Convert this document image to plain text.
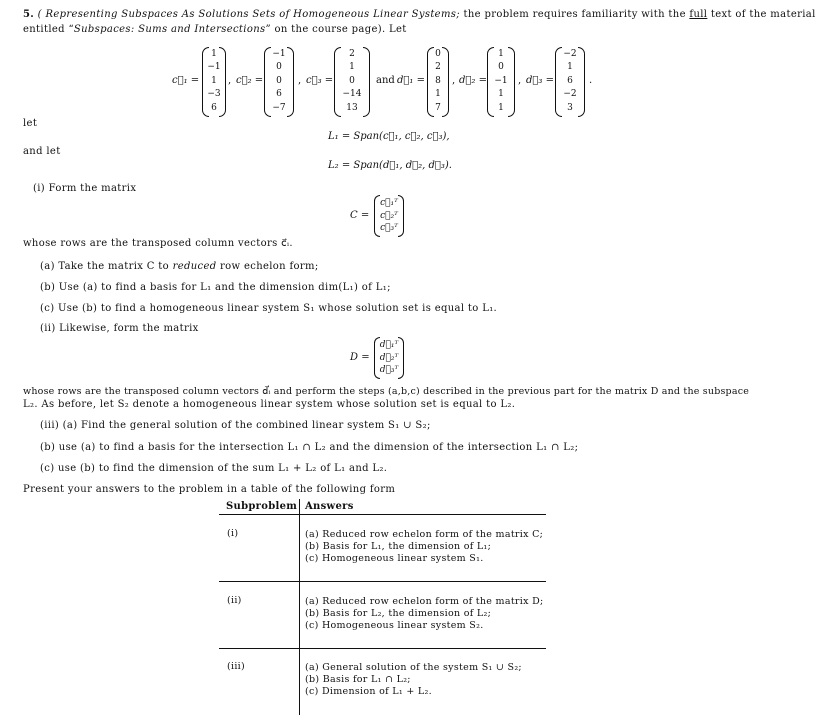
5. ( Representing Subspaces As Solutions Sets of Homogeneous Linear Systems; the problem requires familiarity with the full text of the material
entitled “Subspaces: Sums and Intersections” on the course page). Let
c⃗₁ =
1
−1
1
−3
6
, c⃗₂ =
−1
0
0
6
−7
, c⃗₃ =
2
1
0
−14
13
and d⃗₁ =
0
2
8
1
7
, d⃗₂ =
1
0
−1
1
1
, d⃗₃ =
−2
1
6
−2
3
.
let
L₁ = Span(c⃗₁, c⃗₂, c⃗₃),
and let
L₂ = Span(d⃗₁, d⃗₂, d⃗₃).
(i) Form the matrix
C =
c⃗₁ᵀ
c⃗₂ᵀ
c⃗₃ᵀ
whose rows are the transposed column vectors c⃗ᵢ.
(a) Take the matrix C to reduced row echelon form;
(b) Use (a) to find a basis for L₁ and the dimension dim(L₁) of L₁;
(c) Use (b) to find a homogeneous linear system S₁ whose solution set is equal to L₁.
(ii) Likewise, form the matrix
D =
d⃗₁ᵀ
d⃗₂ᵀ
d⃗₃ᵀ
whose rows are the transposed column vectors d⃗ᵢ and perform the steps (a,b,c) described in the previous part for the matrix D and the subspace
L₂. As before, let S₂ denote a homogeneous linear system whose solution set is equal to L₂.
(iii) (a) Find the general solution of the combined linear system S₁ ∪ S₂;
(b) use (a) to find a basis for the intersection L₁ ∩ L₂ and the dimension of the intersection L₁ ∩ L₂;
(c) use (b) to find the dimension of the sum L₁ + L₂ of L₁ and L₂.
Present your answers to the problem in a table of the following form
Subproblem Answers
(i)	(a) Reduced row echelon form of the matrix C;
(b) Basis for L₁, the dimension of L₁;
(c) Homogeneous linear system S₁.
(ii)	(a) Reduced row echelon form of the matrix D;
(b) Basis for L₂, the dimension of L₂;
(c) Homogeneous linear system S₂.
(iii)	(a) General solution of the system S₁ ∪ S₂;
(b) Basis for L₁ ∩ L₂;
(c) Dimension of L₁ + L₂.
